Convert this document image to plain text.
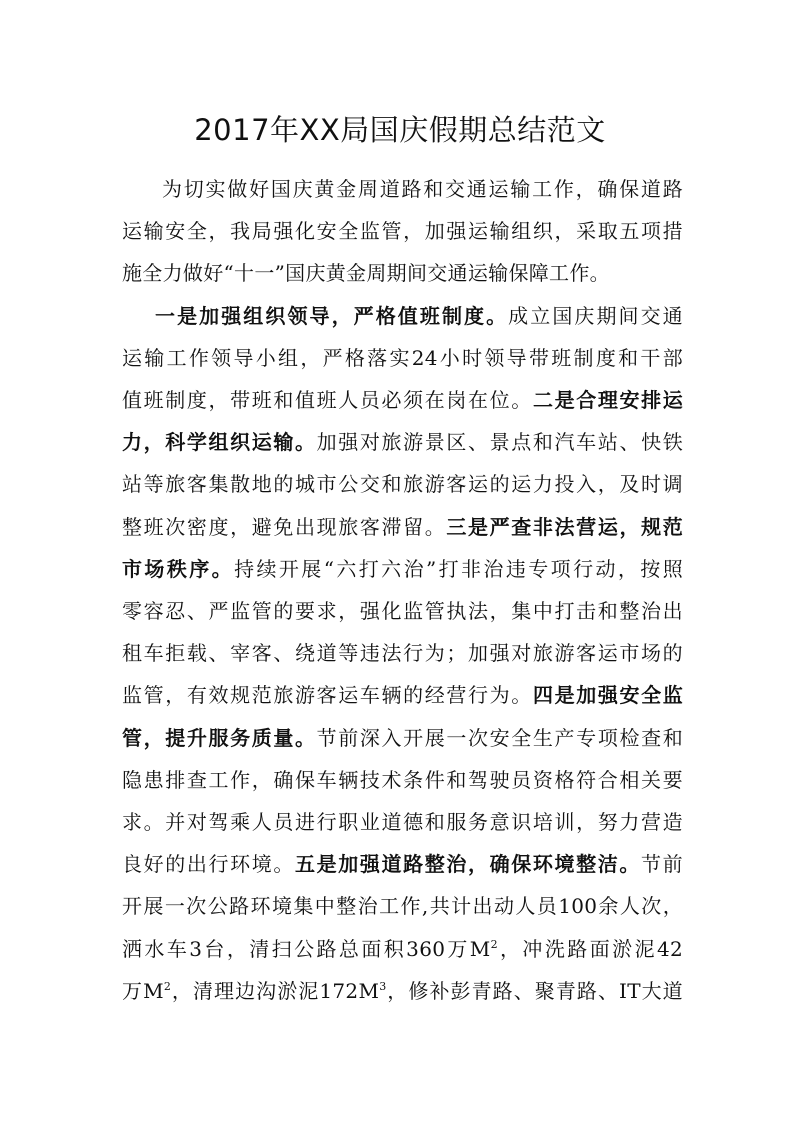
2017年XX局国庆假期总结范文
为切实做好国庆黄金周道路和交通运输工作，确保道路
运输安全，我局强化安全监管，加强运输组织，采取五项措
施全力做好“十一”国庆黄金周期间交通运输保障工作。
一是加强组织领导，严格值班制度。成立国庆期间交通
运输工作领导小组，严格落实24小时领导带班制度和干部
值班制度，带班和值班人员必须在岗在位。二是合理安排运
力，科学组织运输。加强对旅游景区、景点和汽车站、快铁
站等旅客集散地的城市公交和旅游客运的运力投入，及时调
整班次密度，避免出现旅客滞留。三是严查非法营运，规范
市场秩序。持续开展“六打六治”打非治违专项行动，按照
零容忍、严监管的要求，强化监管执法，集中打击和整治出
租车拒载、宰客、绕道等违法行为；加强对旅游客运市场的
监管，有效规范旅游客运车辆的经营行为。四是加强安全监
管，提升服务质量。节前深入开展一次安全生产专项检查和
隐患排查工作，确保车辆技术条件和驾驶员资格符合相关要
求。并对驾乘人员进行职业道德和服务意识培训，努力营造
良好的出行环境。五是加强道路整治，确保环境整洁。节前
开展一次公路环境集中整治工作,共计出动人员100余人次，
洒水车3台，清扫公路总面积360万$M^2$，冲洗路面淤泥42
万$M^2$，清理边沟淤泥$172M^3$，修补彭青路、聚青路、IT大道
